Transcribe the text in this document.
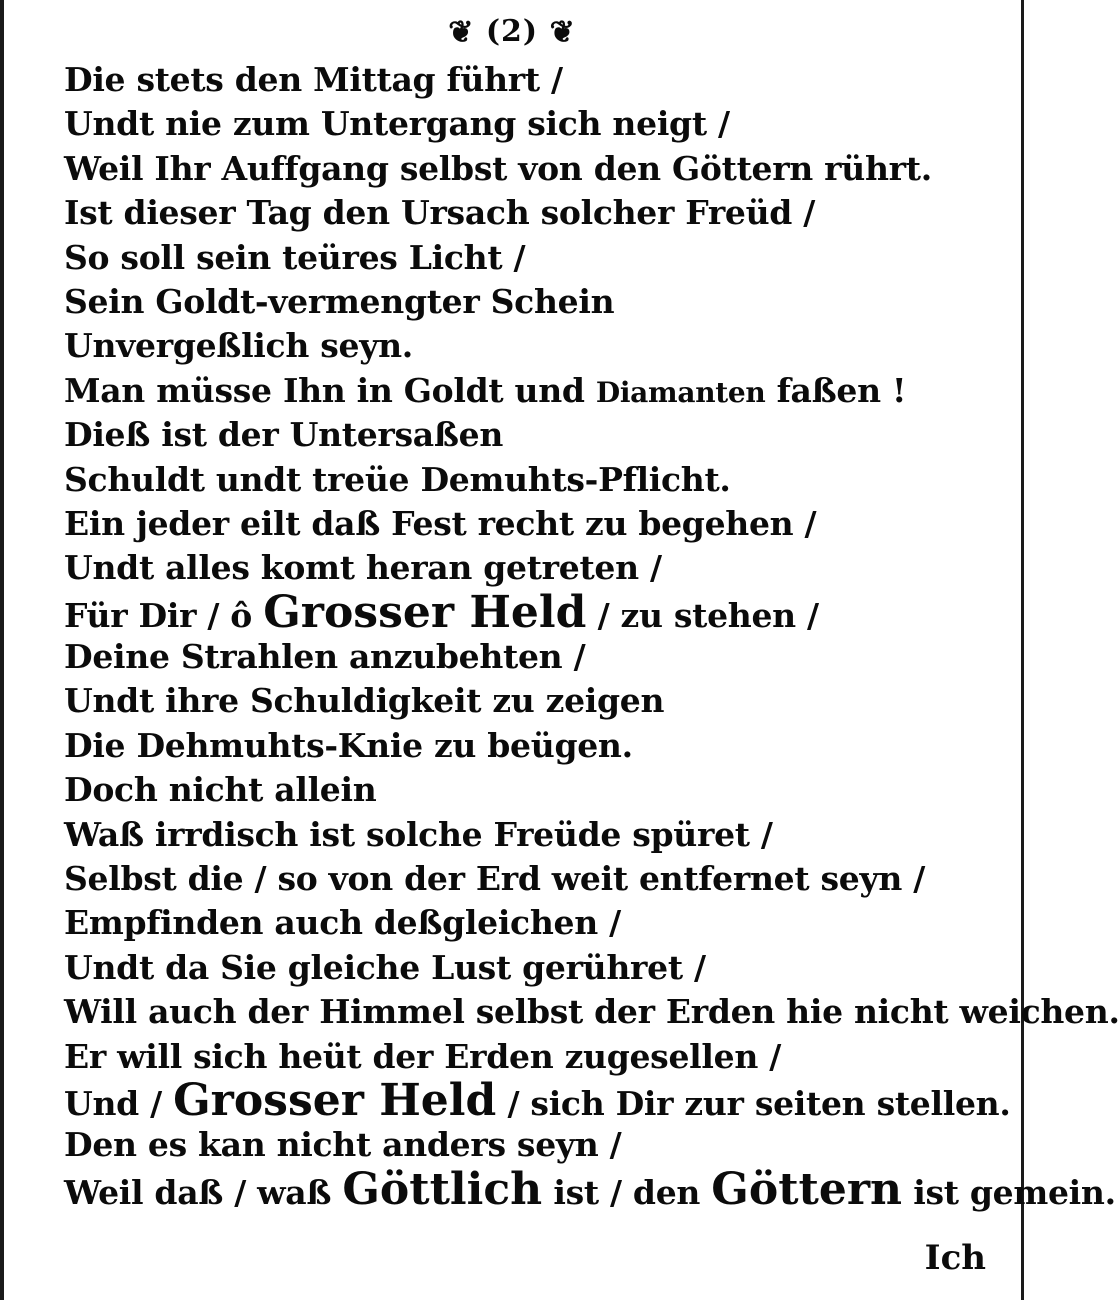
❦ (2) ❦
Die stets den Mittag führt /
Undt nie zum Untergang sich neigt /
Weil Ihr Auffgang selbst von den Göttern rührt.
Ist dieser Tag den Ursach solcher Freüd /
So soll sein teüres Licht /
Sein Goldt-vermengter Schein
Unvergeßlich seyn.
Man müsse Ihn in Goldt und Diamanten faßen !
Dieß ist der Untersaßen
Schuldt undt treüe Demuhts-Pflicht.
Ein jeder eilt daß Fest recht zu begehen /
Undt alles komt heran getreten /
Für Dir / ô Grosser Held / zu stehen /
Deine Strahlen anzubehten /
Undt ihre Schuldigkeit zu zeigen
Die Dehmuhts-Knie zu beügen.
Doch nicht allein
Waß irrdisch ist solche Freüde spüret /
Selbst die / so von der Erd weit entfernet seyn /
Empfinden auch deßgleichen /
Undt da Sie gleiche Lust gerühret /
Will auch der Himmel selbst der Erden hie nicht weichen.
Er will sich heüt der Erden zugesellen /
Und / Grosser Held / sich Dir zur seiten stellen.
Den es kan nicht anders seyn /
Weil daß / waß Göttlich ist / den Göttern ist gemein.
Ich
